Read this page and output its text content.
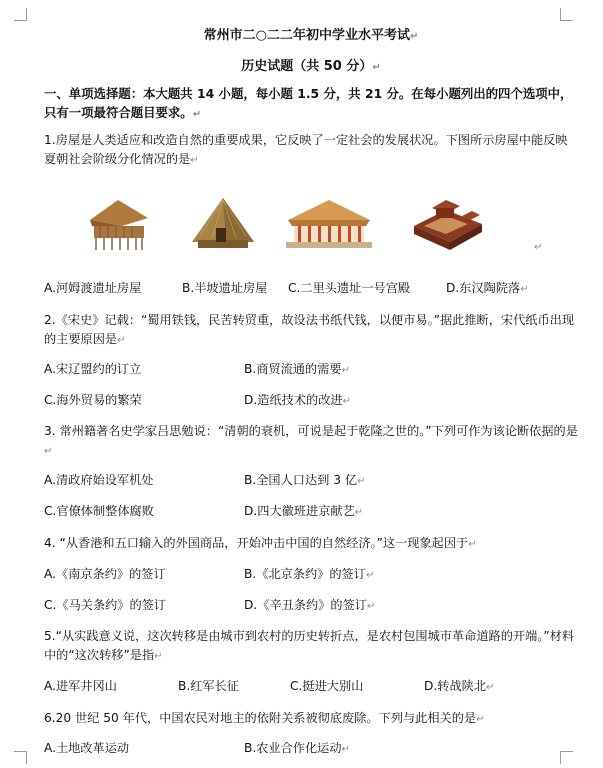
常州市二○二二年初中学业水平考试↵
历史试题（共 50 分）↵
一、单项选择题：本大题共 14 小题，每小题 1.5 分，共 21 分。在每小题列出的四个选项中，只有一项最符合题目要求。↵
1.房屋是人类适应和改造自然的重要成果，它反映了一定社会的发展状况。下图所示房屋中能反映夏朝社会阶级分化情况的是↵
↵
A.河姆渡遗址房屋	B.半坡遗址房屋 C.二里头遗址一号宫殿	D.东汉陶院落↵
2.《宋史》记载：“蜀用铁钱，民苦转贸重，故设法书纸代钱，以便市易。”据此推断，宋代纸币出现的主要原因是↵
A.宋辽盟约的订立	B.商贸流通的需要↵
C.海外贸易的繁荣	D.造纸技术的改进↵
3. 常州籍著名史学家吕思勉说：“清朝的衰机，可说是起于乾隆之世的。”下列可作为该论断依据的是↵
A.清政府始设军机处	B.全国人口达到 3 亿↵
C.官僚体制整体腐败	D.四大徽班进京献艺↵
4. “从香港和五口输入的外国商品，开始冲击中国的自然经济。”这一现象起因于↵
A.《南京条约》的签订	B.《北京条约》的签订↵
C.《马关条约》的签订	D.《辛丑条约》的签订↵
5.“从实践意义说，这次转移是由城市到农村的历史转折点，是农村包围城市革命道路的开端。”材料中的“这次转移”是指↵
A.进军井冈山	B.红军长征	C.挺进大别山	D.转战陕北↵
6.20 世纪 50 年代，中国农民对地主的依附关系被彻底废除。下列与此相关的是↵
A.土地改革运动	B.农业合作化运动↵
